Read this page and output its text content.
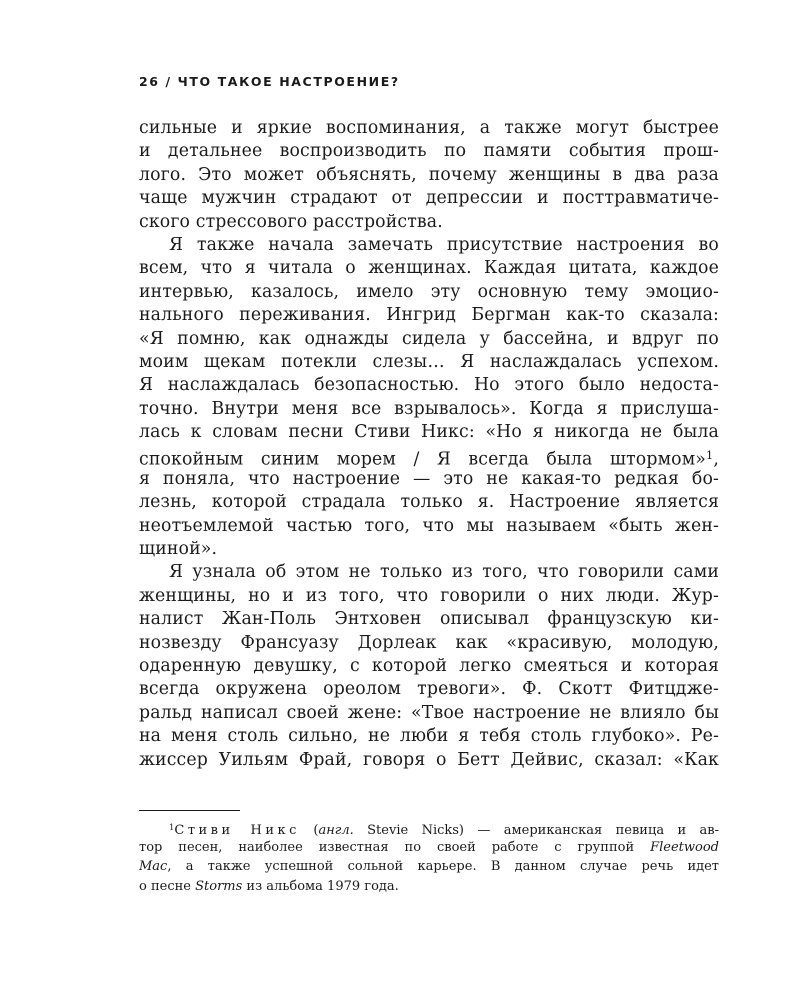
26 / ЧТО ТАКОЕ НАСТРОЕНИЕ?
сильные и яркие воспоминания, а также могут быстрее
и детальнее воспроизводить по памяти события прош-
лого. Это может объяснять, почему женщины в два раза
чаще мужчин страдают от депрессии и посттравматиче-
ского стрессового расстройства.
Я также начала замечать присутствие настроения во
всем, что я читала о женщинах. Каждая цитата, каждое
интервью, казалось, имело эту основную тему эмоцио-
нального переживания. Ингрид Бергман как-то сказала:
«Я помню, как однажды сидела у бассейна, и вдруг по
моим щекам потекли слезы… Я наслаждалась успехом.
Я наслаждалась безопасностью. Но этого было недоста-
точно. Внутри меня все взрывалось». Когда я прислуша-
лась к словам песни Стиви Никс: «Но я никогда не была
спокойным синим морем / Я всегда была штормом»$^1$,
я поняла, что настроение — это не какая-то редкая бо-
лезнь, которой страдала только я. Настроение является
неотъемлемой частью того, что мы называем «быть жен-
щиной».
Я узнала об этом не только из того, что говорили сами
женщины, но и из того, что говорили о них люди. Жур-
налист Жан-Поль Энтховен описывал французскую ки-
нозвезду Франсуазу Дорлеак как «красивую, молодую,
одаренную девушку, с которой легко смеяться и которая
всегда окружена ореолом тревоги». Ф. Скотт Фитцдже-
ральд написал своей жене: «Твое настроение не влияло бы
на меня столь сильно, не люби я тебя столь глубоко». Ре-
жиссер Уильям Фрай, говоря о Бетт Дейвис, сказал: «Как
$^1$Стиви Никс (англ. Stevie Nicks) — американская певица и ав-
тор песен, наиболее известная по своей работе с группой Fleetwood
Mac, а также успешной сольной карьере. В данном случае речь идет
о песне Storms из альбома 1979 года.
